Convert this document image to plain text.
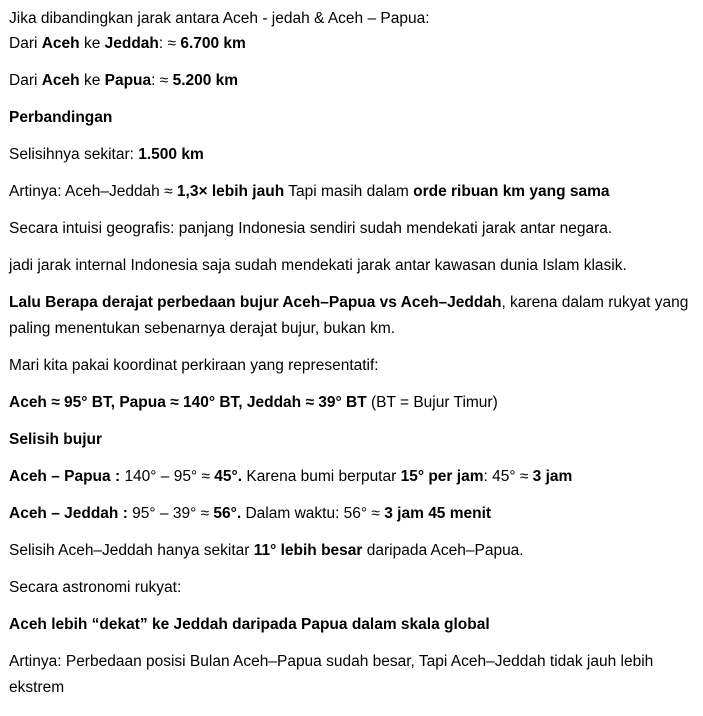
Jika dibandingkan jarak antara Aceh - jedah & Aceh – Papua:

Dari Aceh ke Jeddah: ≈ 6.700 km

Dari Aceh ke Papua: ≈ 5.200 km

Perbandingan

Selisihnya sekitar: 1.500 km

Artinya: Aceh–Jeddah ≈ 1,3× lebih jauh Tapi masih dalam orde ribuan km yang sama

Secara intuisi geografis: panjang Indonesia sendiri sudah mendekati jarak antar negara.

jadi jarak internal Indonesia saja sudah mendekati jarak antar kawasan dunia Islam klasik.

Lalu Berapa derajat perbedaan bujur Aceh–Papua vs Aceh–Jeddah, karena dalam rukyat yang paling menentukan sebenarnya derajat bujur, bukan km.

Mari kita pakai koordinat perkiraan yang representatif:

Aceh ≈ 95° BT, Papua ≈ 140° BT, Jeddah ≈ 39° BT (BT = Bujur Timur)

Selisih bujur

Aceh – Papua : 140° – 95° ≈ 45°. Karena bumi berputar 15° per jam: 45° ≈ 3 jam

Aceh – Jeddah : 95° – 39° ≈ 56°. Dalam waktu: 56° ≈ 3 jam 45 menit

Selisih Aceh–Jeddah hanya sekitar 11° lebih besar daripada Aceh–Papua.

Secara astronomi rukyat:

Aceh lebih “dekat” ke Jeddah daripada Papua dalam skala global

Artinya: Perbedaan posisi Bulan Aceh–Papua sudah besar, Tapi Aceh–Jeddah tidak jauh lebih ekstrem
